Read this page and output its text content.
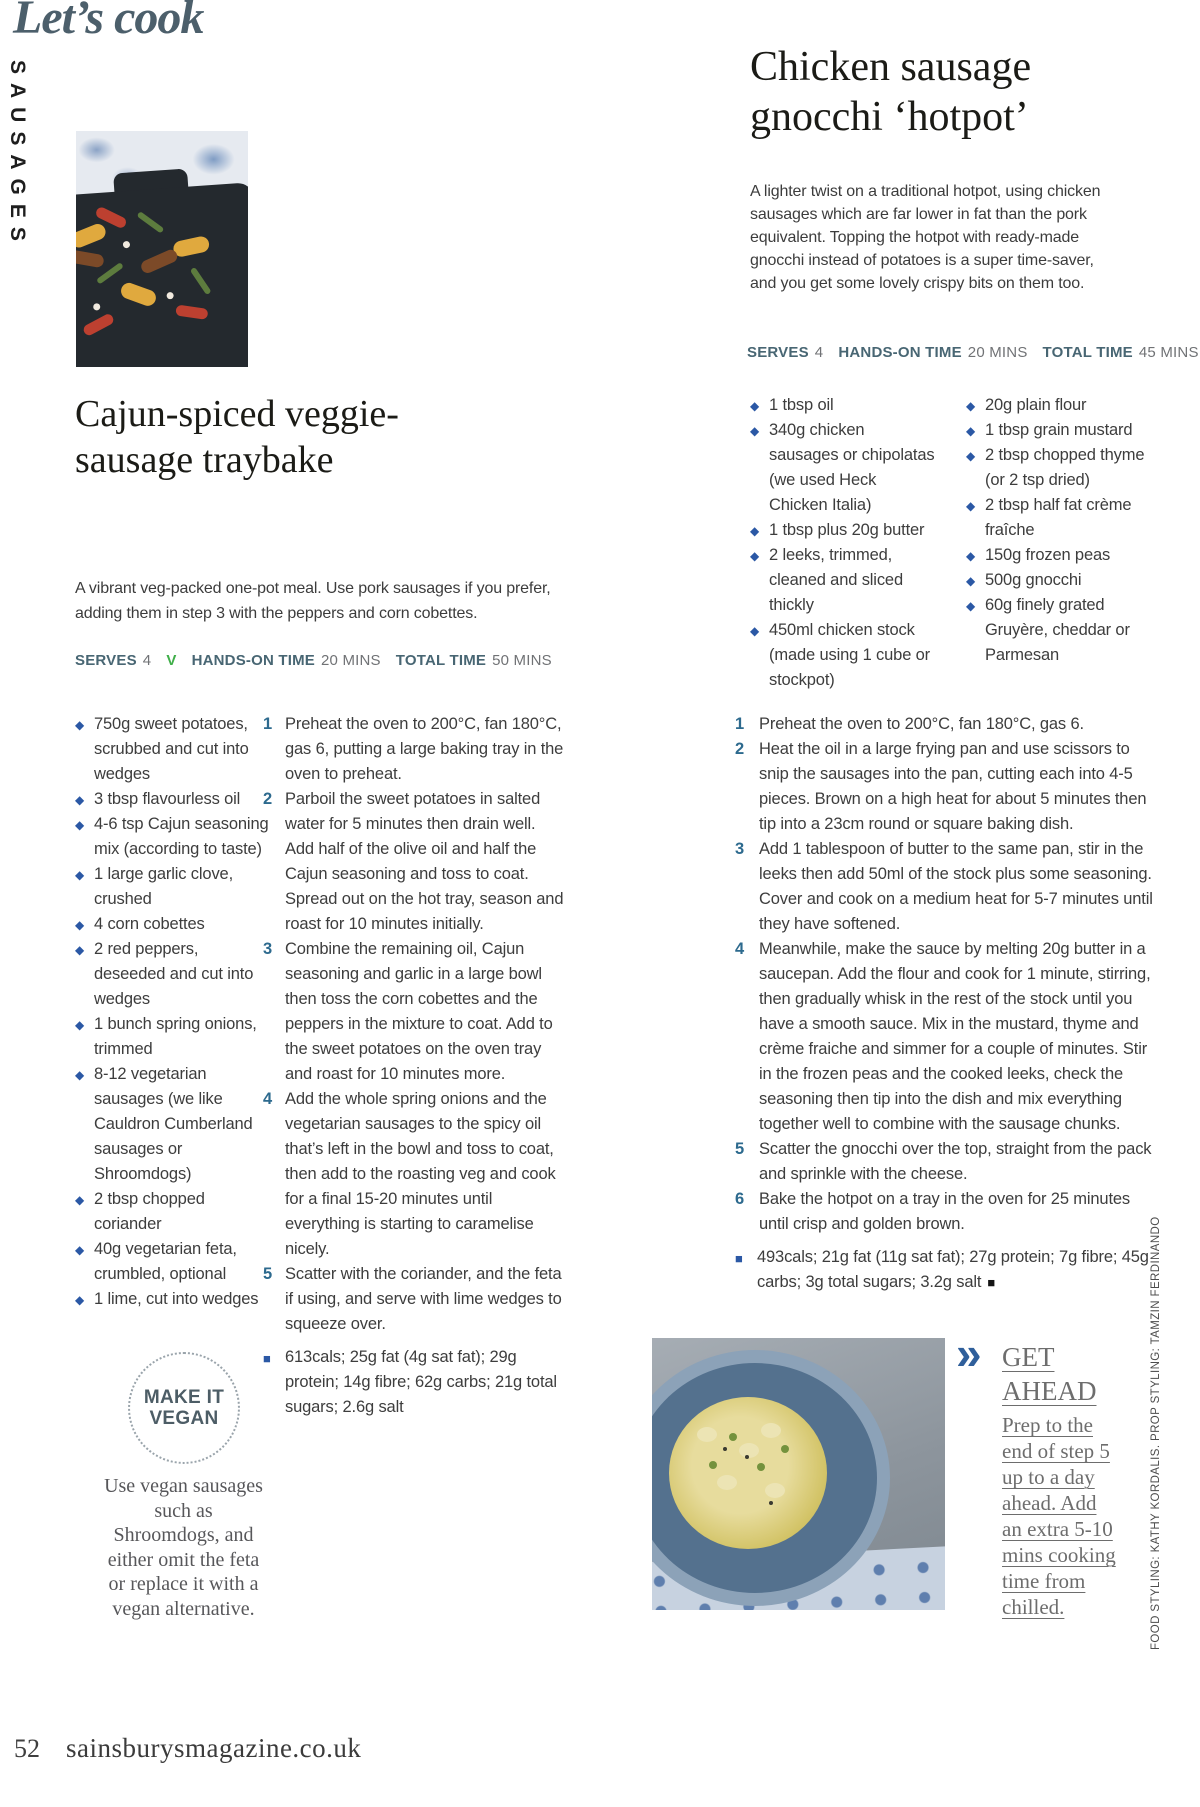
Let’s cook
SAUSAGES
Cajun-spiced veggie-sausage traybake

A vibrant veg-packed one-pot meal. Use pork sausages if you prefer, adding them in step 3 with the peppers and corn cobettes.

SERVES 4 V HANDS-ON TIME 20 MINS TOTAL TIME 50 MINS
◆ 750g sweet potatoes, scrubbed and cut into wedges
◆ 3 tbsp flavourless oil
◆ 4-6 tsp Cajun seasoning mix (according to taste)
◆ 1 large garlic clove, crushed
◆ 4 corn cobettes
◆ 2 red peppers, deseeded and cut into wedges
◆ 1 bunch spring onions, trimmed
◆ 8-12 vegetarian sausages (we like Cauldron Cumberland sausages or Shroomdogs)
◆ 2 tbsp chopped coriander
◆ 40g vegetarian feta, crumbled, optional
◆ 1 lime, cut into wedges
1 Preheat the oven to 200°C, fan 180°C, gas 6, putting a large baking tray in the oven to preheat.
2 Parboil the sweet potatoes in salted water for 5 minutes then drain well. Add half of the olive oil and half the Cajun seasoning and toss to coat. Spread out on the hot tray, season and roast for 10 minutes initially.
3 Combine the remaining oil, Cajun seasoning and garlic in a large bowl then toss the corn cobettes and the peppers in the mixture to coat. Add to the sweet potatoes on the oven tray and roast for 10 minutes more.
4 Add the whole spring onions and the vegetarian sausages to the spicy oil that’s left in the bowl and toss to coat, then add to the roasting veg and cook for a final 15-20 minutes until everything is starting to caramelise nicely.
5 Scatter with the coriander, and the feta if using, and serve with lime wedges to squeeze over.
■ 613cals; 25g fat (4g sat fat); 29g protein; 14g fibre; 62g carbs; 21g total sugars; 2.6g salt
MAKE IT VEGAN

Use vegan sausages such as Shroomdogs, and either omit the feta or replace it with a vegan alternative.

Chicken sausage gnocchi ‘hotpot’

A lighter twist on a traditional hotpot, using chicken sausages which are far lower in fat than the pork equivalent. Topping the hotpot with ready-made gnocchi instead of potatoes is a super time-saver, and you get some lovely crispy bits on them too.

SERVES 4 HANDS-ON TIME 20 MINS TOTAL TIME 45 MINS
◆ 1 tbsp oil
◆ 340g chicken sausages or chipolatas (we used Heck Chicken Italia)
◆ 1 tbsp plus 20g butter
◆ 2 leeks, trimmed, cleaned and sliced thickly
◆ 450ml chicken stock (made using 1 cube or stockpot)
◆ 20g plain flour
◆ 1 tbsp grain mustard
◆ 2 tbsp chopped thyme (or 2 tsp dried)
◆ 2 tbsp half fat crème fraîche
◆ 150g frozen peas
◆ 500g gnocchi
◆ 60g finely grated Gruyère, cheddar or Parmesan
1 Preheat the oven to 200°C, fan 180°C, gas 6.
2 Heat the oil in a large frying pan and use scissors to snip the sausages into the pan, cutting each into 4-5 pieces. Brown on a high heat for about 5 minutes then tip into a 23cm round or square baking dish.
3 Add 1 tablespoon of butter to the same pan, stir in the leeks then add 50ml of the stock plus some seasoning. Cover and cook on a medium heat for 5-7 minutes until they have softened.
4 Meanwhile, make the sauce by melting 20g butter in a saucepan. Add the flour and cook for 1 minute, stirring, then gradually whisk in the rest of the stock until you have a smooth sauce. Mix in the mustard, thyme and crème fraiche and simmer for a couple of minutes. Stir in the frozen peas and the cooked leeks, check the seasoning then tip into the dish and mix everything together well to combine with the sausage chunks.
5 Scatter the gnocchi over the top, straight from the pack and sprinkle with the cheese.
6 Bake the hotpot on a tray in the oven for 25 minutes until crisp and golden brown.
■ 493cals; 21g fat (11g sat fat); 27g protein; 7g fibre; 45g carbs; 3g total sugars; 3.2g salt ■
» GET AHEAD
Prep to the end of step 5 up to a day ahead. Add an extra 5-10 mins cooking time from chilled.	FOOD STYLING: KATHY KORDALIS. PROP STYLING: TAMZIN FERDINANDO
52 sainsburysmagazine.co.uk
